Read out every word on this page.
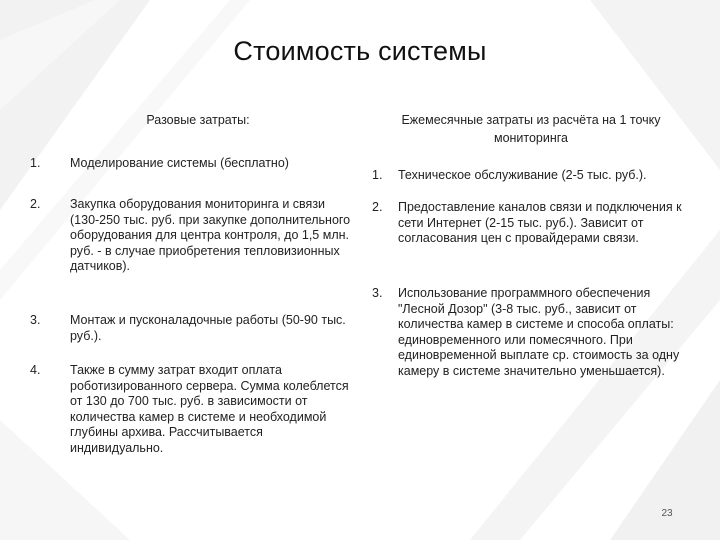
Стоимость системы
Разовые затраты:	Ежемесячные затраты из расчёта на 1 точку мониторинга
1. Моделирование системы (бесплатно)
2. Закупка оборудования мониторинга и связи (130-250 тыс. руб. при закупке дополнительного оборудования для центра контроля, до 1,5 млн. руб. - в случае приобретения тепловизионных датчиков).
3. Монтаж и пусконаладочные работы (50-90 тыс. руб.).
4. Также в сумму затрат входит оплата роботизированного сервера. Сумма колеблется от 130 до 700 тыс. руб. в зависимости от количества камер в системе и необходимой глубины архива. Рассчитывается индивидуально.
1. Техническое обслуживание (2-5 тыс. руб.).
2. Предоставление каналов связи и подключения к сети Интернет (2-15 тыс. руб.). Зависит от согласования цен с провайдерами связи.
3. Использование программного обеспечения "Лесной Дозор" (3-8 тыс. руб., зависит от количества камер в системе и способа оплаты: единовременного или помесячного. При единовременной выплате ср. стоимость за одну камеру в системе значительно уменьшается).
23
